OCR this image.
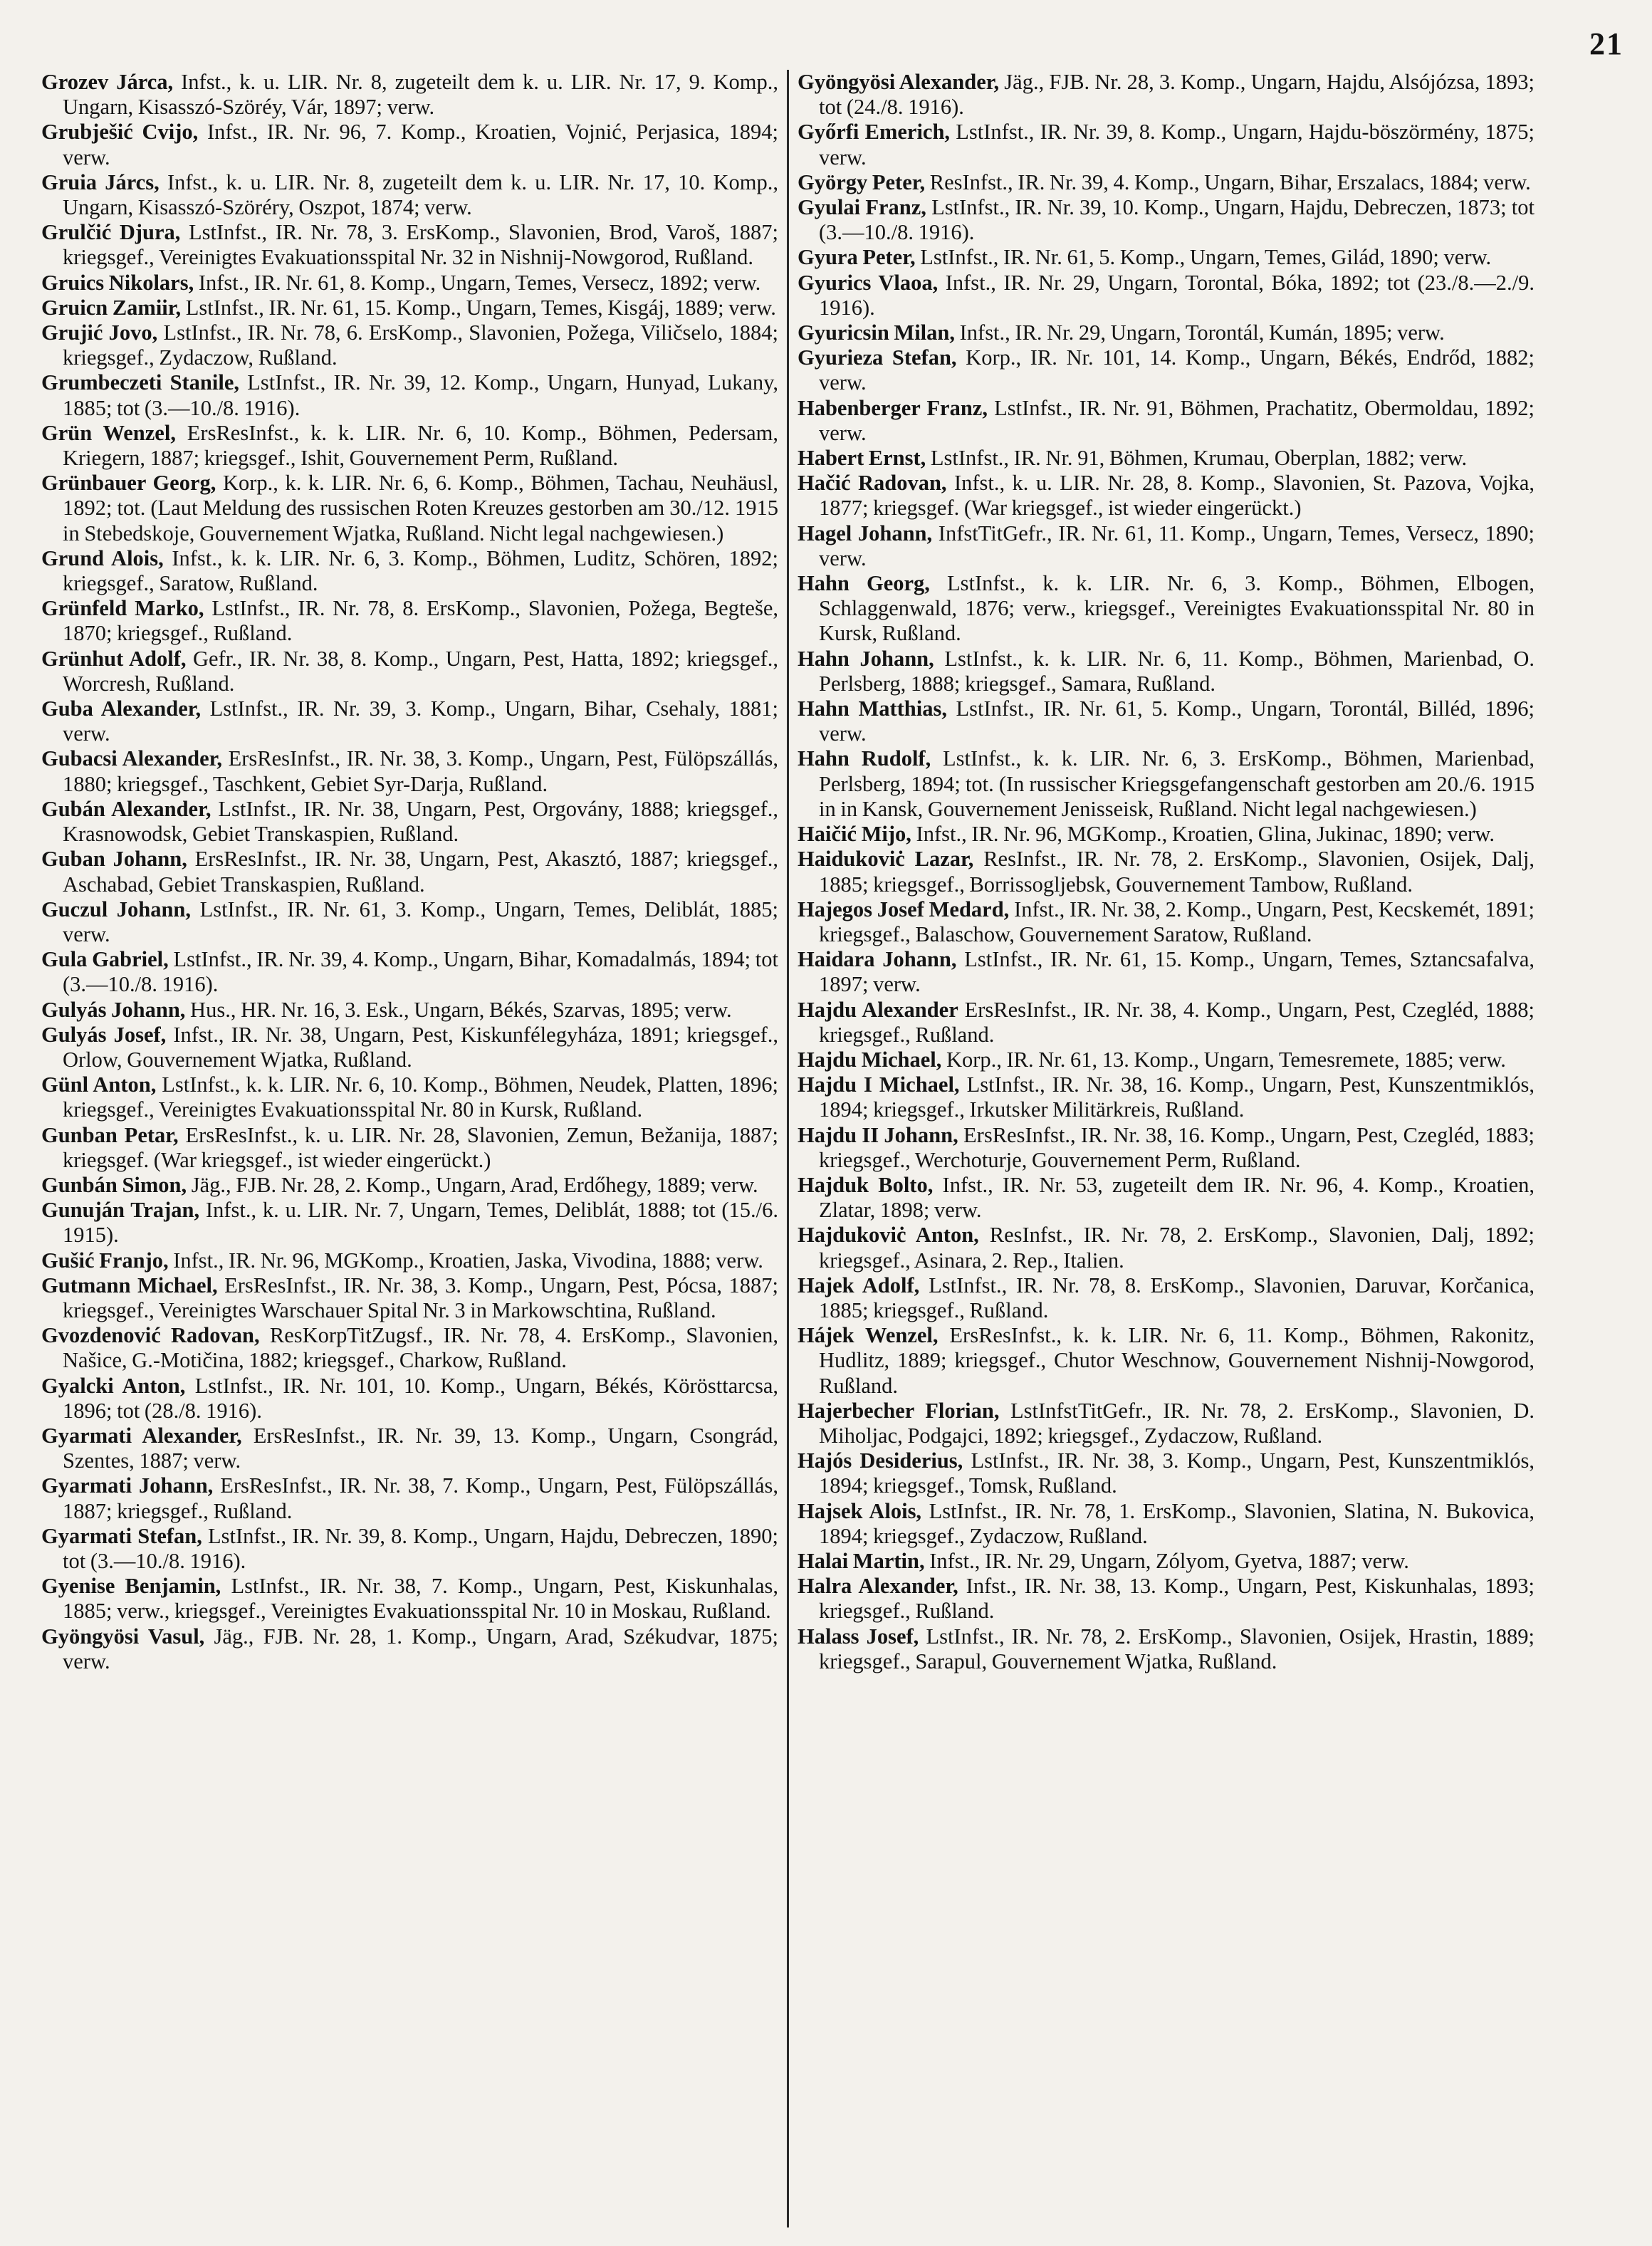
21

Grozev Járca, Infst., k. u. LIR. Nr. 8, zugeteilt dem k. u. LIR. Nr. 17, 9. Komp., Ungarn, Kisasszó-Szöréy, Vár, 1897; verw.

Grubješić Cvijo, Infst., IR. Nr. 96, 7. Komp., Kroatien, Vojnić, Perjasica, 1894; verw.

Gruia Járcs, Infst., k. u. LIR. Nr. 8, zugeteilt dem k. u. LIR. Nr. 17, 10. Komp., Ungarn, Kisasszó-Szöréry, Oszpot, 1874; verw.

Grulčić Djura, LstInfst., IR. Nr. 78, 3. ErsKomp., Slavonien, Brod, Varoš, 1887; kriegsgef., Vereinigtes Evakuationsspital Nr. 32 in Nishnij-Nowgorod, Rußland.

Gruics Nikolars, Infst., IR. Nr. 61, 8. Komp., Ungarn, Temes, Versecz, 1892; verw.

Gruicn Zamiir, LstInfst., IR. Nr. 61, 15. Komp., Ungarn, Temes, Kisgáj, 1889; verw.

Grujić Jovo, LstInfst., IR. Nr. 78, 6. ErsKomp., Slavonien, Požega, Viličselo, 1884; kriegsgef., Zydaczow, Rußland.

Grumbeczeti Stanile, LstInfst., IR. Nr. 39, 12. Komp., Ungarn, Hunyad, Lukany, 1885; tot (3.—10./8. 1916).

Grün Wenzel, ErsResInfst., k. k. LIR. Nr. 6, 10. Komp., Böhmen, Pedersam, Kriegern, 1887; kriegsgef., Ishit, Gouvernement Perm, Rußland.

Grünbauer Georg, Korp., k. k. LIR. Nr. 6, 6. Komp., Böhmen, Tachau, Neuhäusl, 1892; tot. (Laut Meldung des russischen Roten Kreuzes gestorben am 30./12. 1915 in Stebedskoje, Gouvernement Wjatka, Rußland. Nicht legal nachgewiesen.)

Grund Alois, Infst., k. k. LIR. Nr. 6, 3. Komp., Böhmen, Luditz, Schören, 1892; kriegsgef., Saratow, Rußland.

Grünfeld Marko, LstInfst., IR. Nr. 78, 8. ErsKomp., Slavonien, Požega, Begteše, 1870; kriegsgef., Rußland.

Grünhut Adolf, Gefr., IR. Nr. 38, 8. Komp., Ungarn, Pest, Hatta, 1892; kriegsgef., Worcresh, Rußland.

Guba Alexander, LstInfst., IR. Nr. 39, 3. Komp., Ungarn, Bihar, Csehaly, 1881; verw.

Gubacsi Alexander, ErsResInfst., IR. Nr. 38, 3. Komp., Ungarn, Pest, Fülöpszállás, 1880; kriegsgef., Taschkent, Gebiet Syr-Darja, Rußland.

Gubán Alexander, LstInfst., IR. Nr. 38, Ungarn, Pest, Orgovány, 1888; kriegsgef., Krasnowodsk, Gebiet Transkaspien, Rußland.

Guban Johann, ErsResInfst., IR. Nr. 38, Ungarn, Pest, Akasztó, 1887; kriegsgef., Aschabad, Gebiet Transkaspien, Rußland.

Guczul Johann, LstInfst., IR. Nr. 61, 3. Komp., Ungarn, Temes, Deliblát, 1885; verw.

Gula Gabriel, LstInfst., IR. Nr. 39, 4. Komp., Ungarn, Bihar, Komadalmás, 1894; tot (3.—10./8. 1916).

Gulyás Johann, Hus., HR. Nr. 16, 3. Esk., Ungarn, Békés, Szarvas, 1895; verw.

Gulyás Josef, Infst., IR. Nr. 38, Ungarn, Pest, Kiskunfélegyháza, 1891; kriegsgef., Orlow, Gouvernement Wjatka, Rußland.

Günl Anton, LstInfst., k. k. LIR. Nr. 6, 10. Komp., Böhmen, Neudek, Platten, 1896; kriegsgef., Vereinigtes Evakuationsspital Nr. 80 in Kursk, Rußland.

Gunban Petar, ErsResInfst., k. u. LIR. Nr. 28, Slavonien, Zemun, Bežanija, 1887; kriegsgef. (War kriegsgef., ist wieder eingerückt.)

Gunbán Simon, Jäg., FJB. Nr. 28, 2. Komp., Ungarn, Arad, Erdőhegy, 1889; verw.

Gunuján Trajan, Infst., k. u. LIR. Nr. 7, Ungarn, Temes, Deliblát, 1888; tot (15./6. 1915).

Gušić Franjo, Infst., IR. Nr. 96, MGKomp., Kroatien, Jaska, Vivodina, 1888; verw.

Gutmann Michael, ErsResInfst., IR. Nr. 38, 3. Komp., Ungarn, Pest, Pócsa, 1887; kriegsgef., Vereinigtes Warschauer Spital Nr. 3 in Markowschtina, Rußland.

Gvozdenović Radovan, ResKorpTitZugsf., IR. Nr. 78, 4. ErsKomp., Slavonien, Našice, G.-Motičina, 1882; kriegsgef., Charkow, Rußland.

Gyalcki Anton, LstInfst., IR. Nr. 101, 10. Komp., Ungarn, Békés, Körösttarcsa, 1896; tot (28./8. 1916).

Gyarmati Alexander, ErsResInfst., IR. Nr. 39, 13. Komp., Ungarn, Csongrád, Szentes, 1887; verw.

Gyarmati Johann, ErsResInfst., IR. Nr. 38, 7. Komp., Ungarn, Pest, Fülöpszállás, 1887; kriegsgef., Rußland.

Gyarmati Stefan, LstInfst., IR. Nr. 39, 8. Komp., Ungarn, Hajdu, Debreczen, 1890; tot (3.—10./8. 1916).

Gyenise Benjamin, LstInfst., IR. Nr. 38, 7. Komp., Ungarn, Pest, Kiskunhalas, 1885; verw., kriegsgef., Vereinigtes Evakuationsspital Nr. 10 in Moskau, Rußland.

Gyöngyösi Vasul, Jäg., FJB. Nr. 28, 1. Komp., Ungarn, Arad, Székudvar, 1875; verw.

Gyöngyösi Alexander, Jäg., FJB. Nr. 28, 3. Komp., Ungarn, Hajdu, Alsójózsa, 1893; tot (24./8. 1916).

Győrfi Emerich, LstInfst., IR. Nr. 39, 8. Komp., Ungarn, Hajdu-böszörmény, 1875; verw.

György Peter, ResInfst., IR. Nr. 39, 4. Komp., Ungarn, Bihar, Erszalacs, 1884; verw.

Gyulai Franz, LstInfst., IR. Nr. 39, 10. Komp., Ungarn, Hajdu, Debreczen, 1873; tot (3.—10./8. 1916).

Gyura Peter, LstInfst., IR. Nr. 61, 5. Komp., Ungarn, Temes, Gilád, 1890; verw.

Gyurics Vlaoa, Infst., IR. Nr. 29, Ungarn, Torontal, Bóka, 1892; tot (23./8.—2./9. 1916).

Gyuricsin Milan, Infst., IR. Nr. 29, Ungarn, Torontál, Kumán, 1895; verw.

Gyurieza Stefan, Korp., IR. Nr. 101, 14. Komp., Ungarn, Békés, Endrőd, 1882; verw.

Habenberger Franz, LstInfst., IR. Nr. 91, Böhmen, Prachatitz, Obermoldau, 1892; verw.

Habert Ernst, LstInfst., IR. Nr. 91, Böhmen, Krumau, Oberplan, 1882; verw.

Hačić Radovan, Infst., k. u. LIR. Nr. 28, 8. Komp., Slavonien, St. Pazova, Vojka, 1877; kriegsgef. (War kriegsgef., ist wieder eingerückt.)

Hagel Johann, InfstTitGefr., IR. Nr. 61, 11. Komp., Ungarn, Temes, Versecz, 1890; verw.

Hahn Georg, LstInfst., k. k. LIR. Nr. 6, 3. Komp., Böhmen, Elbogen, Schlaggenwald, 1876; verw., kriegsgef., Vereinigtes Evakuationsspital Nr. 80 in Kursk, Rußland.

Hahn Johann, LstInfst., k. k. LIR. Nr. 6, 11. Komp., Böhmen, Marienbad, O. Perlsberg, 1888; kriegsgef., Samara, Rußland.

Hahn Matthias, LstInfst., IR. Nr. 61, 5. Komp., Ungarn, Torontál, Billéd, 1896; verw.

Hahn Rudolf, LstInfst., k. k. LIR. Nr. 6, 3. ErsKomp., Böhmen, Marienbad, Perlsberg, 1894; tot. (In russischer Kriegsgefangenschaft gestorben am 20./6. 1915 in in Kansk, Gouvernement Jenisseisk, Rußland. Nicht legal nachgewiesen.)

Haičić Mijo, Infst., IR. Nr. 96, MGKomp., Kroatien, Glina, Jukinac, 1890; verw.

Haidukoviċ Lazar, ResInfst., IR. Nr. 78, 2. ErsKomp., Slavonien, Osijek, Dalj, 1885; kriegsgef., Borrissogljebsk, Gouvernement Tambow, Rußland.

Hajegos Josef Medard, Infst., IR. Nr. 38, 2. Komp., Ungarn, Pest, Kecskemét, 1891; kriegsgef., Balaschow, Gouvernement Saratow, Rußland.

Haidara Johann, LstInfst., IR. Nr. 61, 15. Komp., Ungarn, Temes, Sztancsafalva, 1897; verw.

Hajdu Alexander ErsResInfst., IR. Nr. 38, 4. Komp., Ungarn, Pest, Czegléd, 1888; kriegsgef., Rußland.

Hajdu Michael, Korp., IR. Nr. 61, 13. Komp., Ungarn, Temesremete, 1885; verw.

Hajdu I Michael, LstInfst., IR. Nr. 38, 16. Komp., Ungarn, Pest, Kunszentmiklós, 1894; kriegsgef., Irkutsker Militärkreis, Rußland.

Hajdu II Johann, ErsResInfst., IR. Nr. 38, 16. Komp., Ungarn, Pest, Czegléd, 1883; kriegsgef., Werchoturje, Gouvernement Perm, Rußland.

Hajduk Bolto, Infst., IR. Nr. 53, zugeteilt dem IR. Nr. 96, 4. Komp., Kroatien, Zlatar, 1898; verw.

Hajdukoviċ Anton, ResInfst., IR. Nr. 78, 2. ErsKomp., Slavonien, Dalj, 1892; kriegsgef., Asinara, 2. Rep., Italien.

Hajek Adolf, LstInfst., IR. Nr. 78, 8. ErsKomp., Slavonien, Daruvar, Korčanica, 1885; kriegsgef., Rußland.

Hájek Wenzel, ErsResInfst., k. k. LIR. Nr. 6, 11. Komp., Böhmen, Rakonitz, Hudlitz, 1889; kriegsgef., Chutor Weschnow, Gouvernement Nishnij-Nowgorod, Rußland.

Hajerbecher Florian, LstInfstTitGefr., IR. Nr. 78, 2. ErsKomp., Slavonien, D. Miholjac, Podgajci, 1892; kriegsgef., Zydaczow, Rußland.

Hajós Desiderius, LstInfst., IR. Nr. 38, 3. Komp., Ungarn, Pest, Kunszentmiklós, 1894; kriegsgef., Tomsk, Rußland.

Hajsek Alois, LstInfst., IR. Nr. 78, 1. ErsKomp., Slavonien, Slatina, N. Bukovica, 1894; kriegsgef., Zydaczow, Rußland.

Halai Martin, Infst., IR. Nr. 29, Ungarn, Zólyom, Gyetva, 1887; verw.

Halra Alexander, Infst., IR. Nr. 38, 13. Komp., Ungarn, Pest, Kiskunhalas, 1893; kriegsgef., Rußland.

Halass Josef, LstInfst., IR. Nr. 78, 2. ErsKomp., Slavonien, Osijek, Hrastin, 1889; kriegsgef., Sarapul, Gouvernement Wjatka, Rußland.
